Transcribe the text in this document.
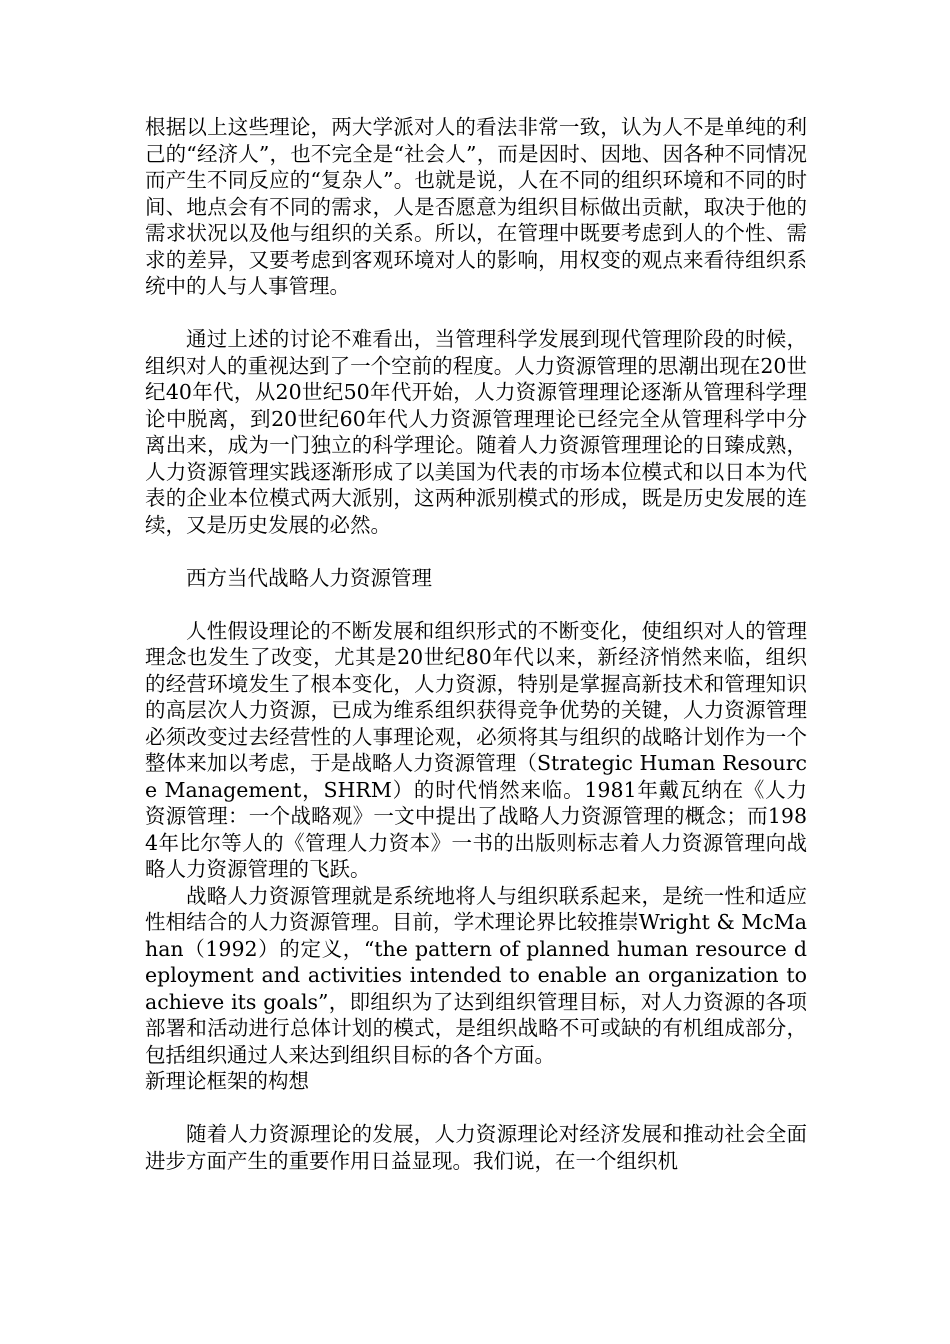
根据以上这些理论，两大学派对人的看法非常一致，认为人不是单纯的利己的“经济人”，也不完全是“社会人”，而是因时、因地、因各种不同情况而产生不同反应的“复杂人”。也就是说，人在不同的组织环境和不同的时间、地点会有不同的需求，人是否愿意为组织目标做出贡献，取决于他的需求状况以及他与组织的关系。所以，在管理中既要考虑到人的个性、需求的差异，又要考虑到客观环境对人的影响，用权变的观点来看待组织系统中的人与人事管理。

通过上述的讨论不难看出，当管理科学发展到现代管理阶段的时候，组织对人的重视达到了一个空前的程度。人力资源管理的思潮出现在20世纪40年代，从20世纪50年代开始，人力资源管理理论逐渐从管理科学理论中脱离，到20世纪60年代人力资源管理理论已经完全从管理科学中分离出来，成为一门独立的科学理论。随着人力资源管理理论的日臻成熟，人力资源管理实践逐渐形成了以美国为代表的市场本位模式和以日本为代表的企业本位模式两大派别，这两种派别模式的形成，既是历史发展的连续，又是历史发展的必然。

西方当代战略人力资源管理

人性假设理论的不断发展和组织形式的不断变化，使组织对人的管理理念也发生了改变，尤其是20世纪80年代以来，新经济悄然来临，组织的经营环境发生了根本变化，人力资源，特别是掌握高新技术和管理知识的高层次人力资源，已成为维系组织获得竞争优势的关键，人力资源管理必须改变过去经营性的人事理论观，必须将其与组织的战略计划作为一个整体来加以考虑，于是战略人力资源管理（Strategic Human Resource Management，SHRM）的时代悄然来临。1981年戴瓦纳在《人力资源管理：一个战略观》一文中提出了战略人力资源管理的概念；而1984年比尔等人的《管理人力资本》一书的出版则标志着人力资源管理向战略人力资源管理的飞跃。

战略人力资源管理就是系统地将人与组织联系起来，是统一性和适应性相结合的人力资源管理。目前，学术理论界比较推崇Wright & McMahan（1992）的定义，“the pattern of planned human resource deployment and activities intended to enable an organization to achieve its goals”，即组织为了达到组织管理目标，对人力资源的各项部署和活动进行总体计划的模式，是组织战略不可或缺的有机组成部分，包括组织通过人来达到组织目标的各个方面。

新理论框架的构想

随着人力资源理论的发展，人力资源理论对经济发展和推动社会全面进步方面产生的重要作用日益显现。我们说，在一个组织机
